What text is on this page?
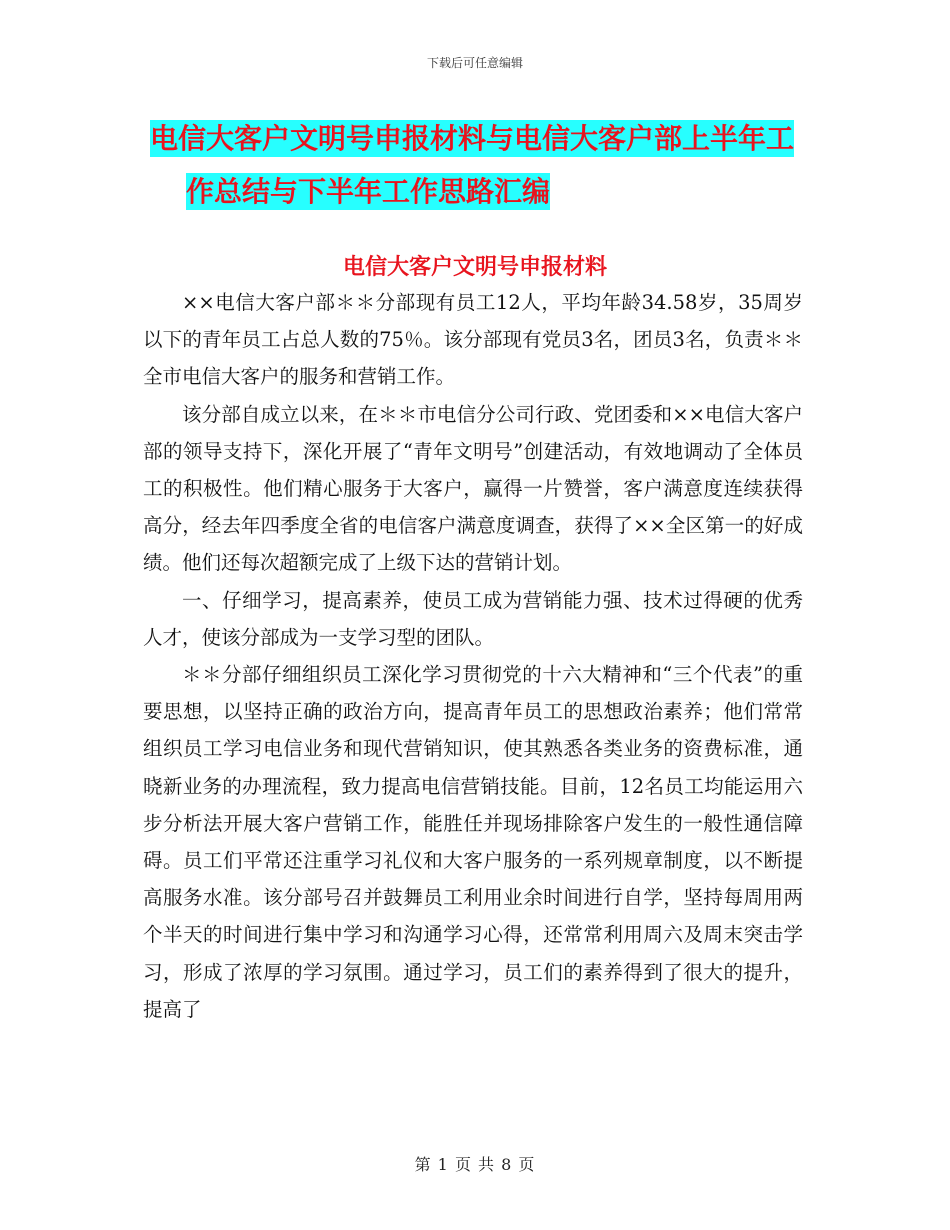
下载后可任意编辑
电信大客户文明号申报材料与电信大客户部上半年工
作总结与下半年工作思路汇编
电信大客户文明号申报材料

××电信大客户部＊＊分部现有员工12人，平均年龄34.58岁，35周岁以下的青年员工占总人数的75％。该分部现有党员3名，团员3名，负责＊＊全市电信大客户的服务和营销工作。

该分部自成立以来，在＊＊市电信分公司行政、党团委和××电信大客户部的领导支持下，深化开展了“青年文明号”创建活动，有效地调动了全体员工的积极性。他们精心服务于大客户，赢得一片赞誉，客户满意度连续获得高分，经去年四季度全省的电信客户满意度调查，获得了××全区第一的好成绩。他们还每次超额完成了上级下达的营销计划。

一、仔细学习，提高素养，使员工成为营销能力强、技术过得硬的优秀人才，使该分部成为一支学习型的团队。

＊＊分部仔细组织员工深化学习贯彻党的十六大精神和“三个代表”的重要思想，以坚持正确的政治方向，提高青年员工的思想政治素养；他们常常组织员工学习电信业务和现代营销知识，使其熟悉各类业务的资费标准，通晓新业务的办理流程，致力提高电信营销技能。目前，12名员工均能运用六步分析法开展大客户营销工作，能胜任并现场排除客户发生的一般性通信障碍。员工们平常还注重学习礼仪和大客户服务的一系列规章制度，以不断提高服务水准。该分部号召并鼓舞员工利用业余时间进行自学，坚持每周用两个半天的时间进行集中学习和沟通学习心得，还常常利用周六及周末突击学习，形成了浓厚的学习氛围。通过学习，员工们的素养得到了很大的提升，提高了

第 1 页 共 8 页
